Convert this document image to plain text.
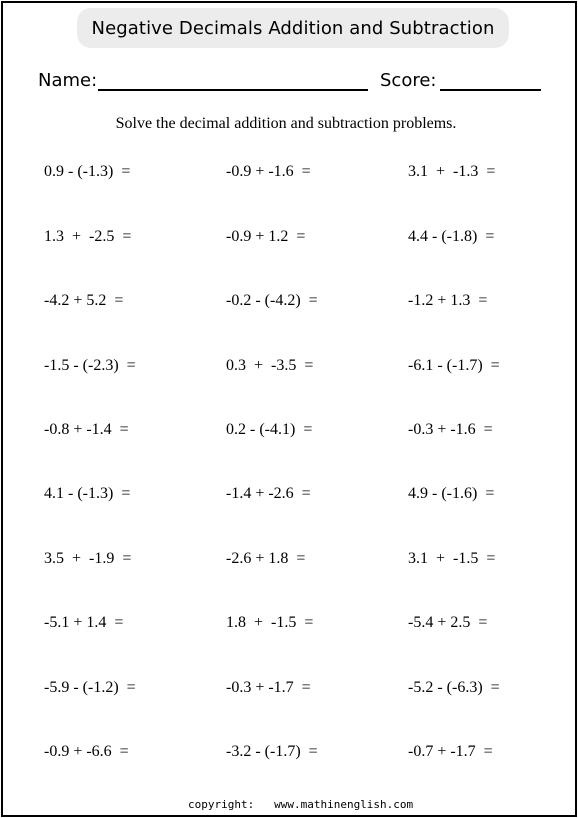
Negative Decimals Addition and Subtraction
Name:	Score:
Solve the decimal addition and subtraction problems.
0.9 - (-1.3)  =	-0.9 + -1.6  =	3.1  +  -1.3  =
1.3  +  -2.5  =	-0.9 + 1.2  =	4.4 - (-1.8)  =
-4.2 + 5.2  =	-0.2 - (-4.2)  =	-1.2 + 1.3  =
-1.5 - (-2.3)  =	0.3  +  -3.5  =	-6.1 - (-1.7)  =
-0.8 + -1.4  =	0.2 - (-4.1)  =	-0.3 + -1.6  =
4.1 - (-1.3)  =	-1.4 + -2.6  =	4.9 - (-1.6)  =
3.5  +  -1.9  =	-2.6 + 1.8  =	3.1  +  -1.5  =
-5.1 + 1.4  =	1.8  +  -1.5  =	-5.4 + 2.5  =
-5.9 - (-1.2)  =	-0.3 + -1.7  =	-5.2 - (-6.3)  =
-0.9 + -6.6  =	-3.2 - (-1.7)  =	-0.7 + -1.7  =
copyright:   www.mathinenglish.com
